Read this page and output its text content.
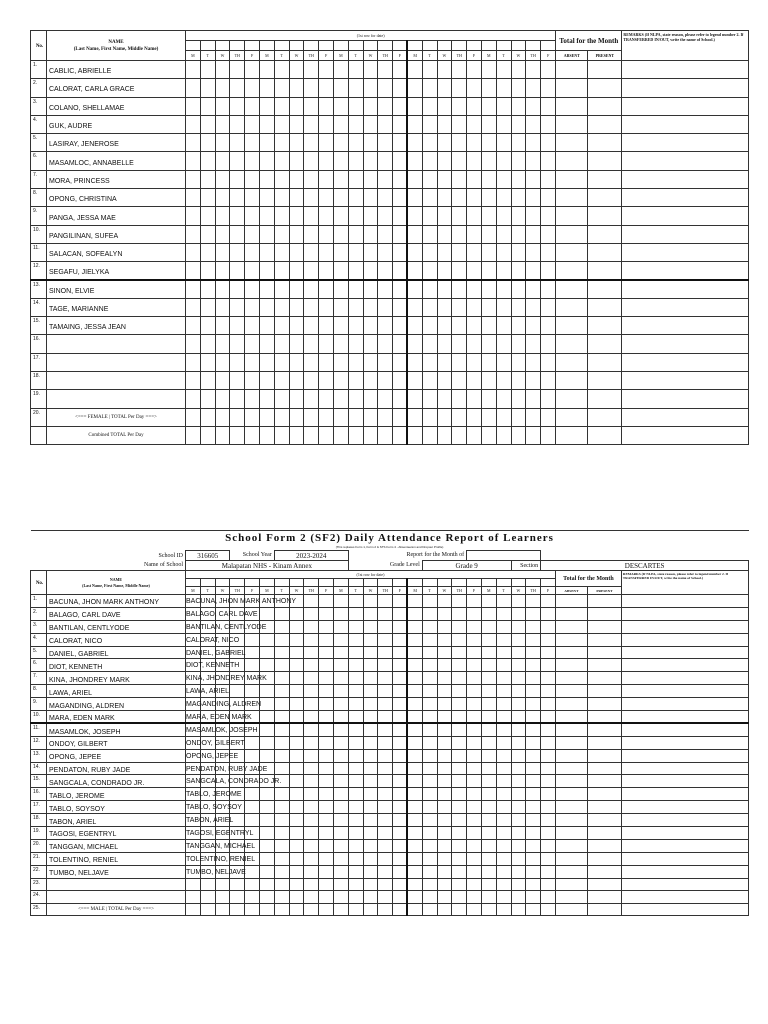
No.	NAME
(Last Name, First Name, Middle Name)	(1st row for date)																									Total for the Month		REMARKS (If NLPA, state reason, please refer to legend number 2. If TRANSFERRED IN/OUT, write the name of School.)

		M	T	W	TH	F	M	T	W	TH	F	M	T	W	TH	F	M	T	W	TH	F	M	T	W	TH	F	ABSENT	PRESENT	
1.	CABLIC, ABRIELLE																												
2.	CALORAT, CARLA GRACE																												
3.	COLANO, SHELLAMAE																												
4.	GUK, AUDRE																												
5.	LASIRAY, JENEROSE																												
6.	MASAMLOC, ANNABELLE																												
7.	MORA, PRINCESS																												
8.	OPONG, CHRISTINA																												
9.	PANGA, JESSA MAE																												
10.	PANGILINAN, SUFEA																												
11.	SALACAN, SOFEALYN																												
12.	SEGAFU, JIELYKA																												
13.	SINON, ELVIE																												
14.	TAGE, MARIANNE																												
15.	TAMAING, JESSA JEAN																												
16.																													
17.																													
18.																													
19.																													
20.	<=== FEMALE | TOTAL Per Day ===>																												
	Combined TOTAL Per Day																												
School Form 2 (SF2) Daily Attendance Report of Learners																													
(This replaces Form 1, Form 2 & STS Form 4 - Absenteeism and Dropout Profile)																													
School ID		316605			School Year			2023-2024					Report for the Month of																
Name of School		Malapatan NHS - Kinam Annex											Grade Level					Grade 9						Section		DESCARTES			
No.	NAME
(Last Name, First Name, Middle Name)	(1st row for date)																									Total for the Month		REMARKS (If NLPA, state reason, please refer to legend number 2. If TRANSFERRED IN/OUT, write the name of School.)

		M	T	W	TH	F	M	T	W	TH	F	M	T	W	TH	F	M	T	W	TH	F	M	T	W	TH	F	ABSENT	PRESENT	
1.	BACUNA, JHON MARK ANTHONY	BACUNA, JHON MARK ANTHONY																											

2.	BALAGO, CARL DAVE	BALAGO, CARL DAVE																											

3.	BANTILAN, CENTLYODE	BANTILAN, CENTLYODE																											

4.	CALORAT, NICO	CALORAT, NICO																											

5.	DANIEL, GABRIEL	DANIEL, GABRIEL																											

6.	DIOT, KENNETH	DIOT, KENNETH																											

7.	KINA, JHONDREY MARK	KINA, JHONDREY MARK																											

8.	LAWA, ARIEL	LAWA, ARIEL																											

9.	MAGANDING, ALDREN	MAGANDING, ALDREN																											

10.	MARA, EDEN MARK	MARA, EDEN MARK																											

11.	MASAMLOK, JOSEPH	MASAMLOK, JOSEPH																											

12.	ONDOY, GILBERT	ONDOY, GILBERT																											

13.	OPONG, JEPEE	OPONG, JEPEE																											

14.	PENDATON, RUBY JADE	PENDATON, RUBY JADE																											

15.	SANGCALA, CONDRADO JR.	SANGCALA, CONDRADO JR.																											

16.	TABLO, JEROME	TABLO, JEROME																											

17.	TABLO, SOYSOY	TABLO, SOYSOY																											

18.	TABON, ARIEL	TABON, ARIEL																											

19.	TAGOSI, EGENTRYL	TAGOSI, EGENTRYL																											

20.	TANGGAN, MICHAEL	TANGGAN, MICHAEL																											

21.	TOLENTINO, RENIEL	TOLENTINO, RENIEL																											

22.	TUMBO, NELJAVE	TUMBO, NELJAVE																											

23.		

24.		

25.	<=== MALE | TOTAL Per Day ===>																												
